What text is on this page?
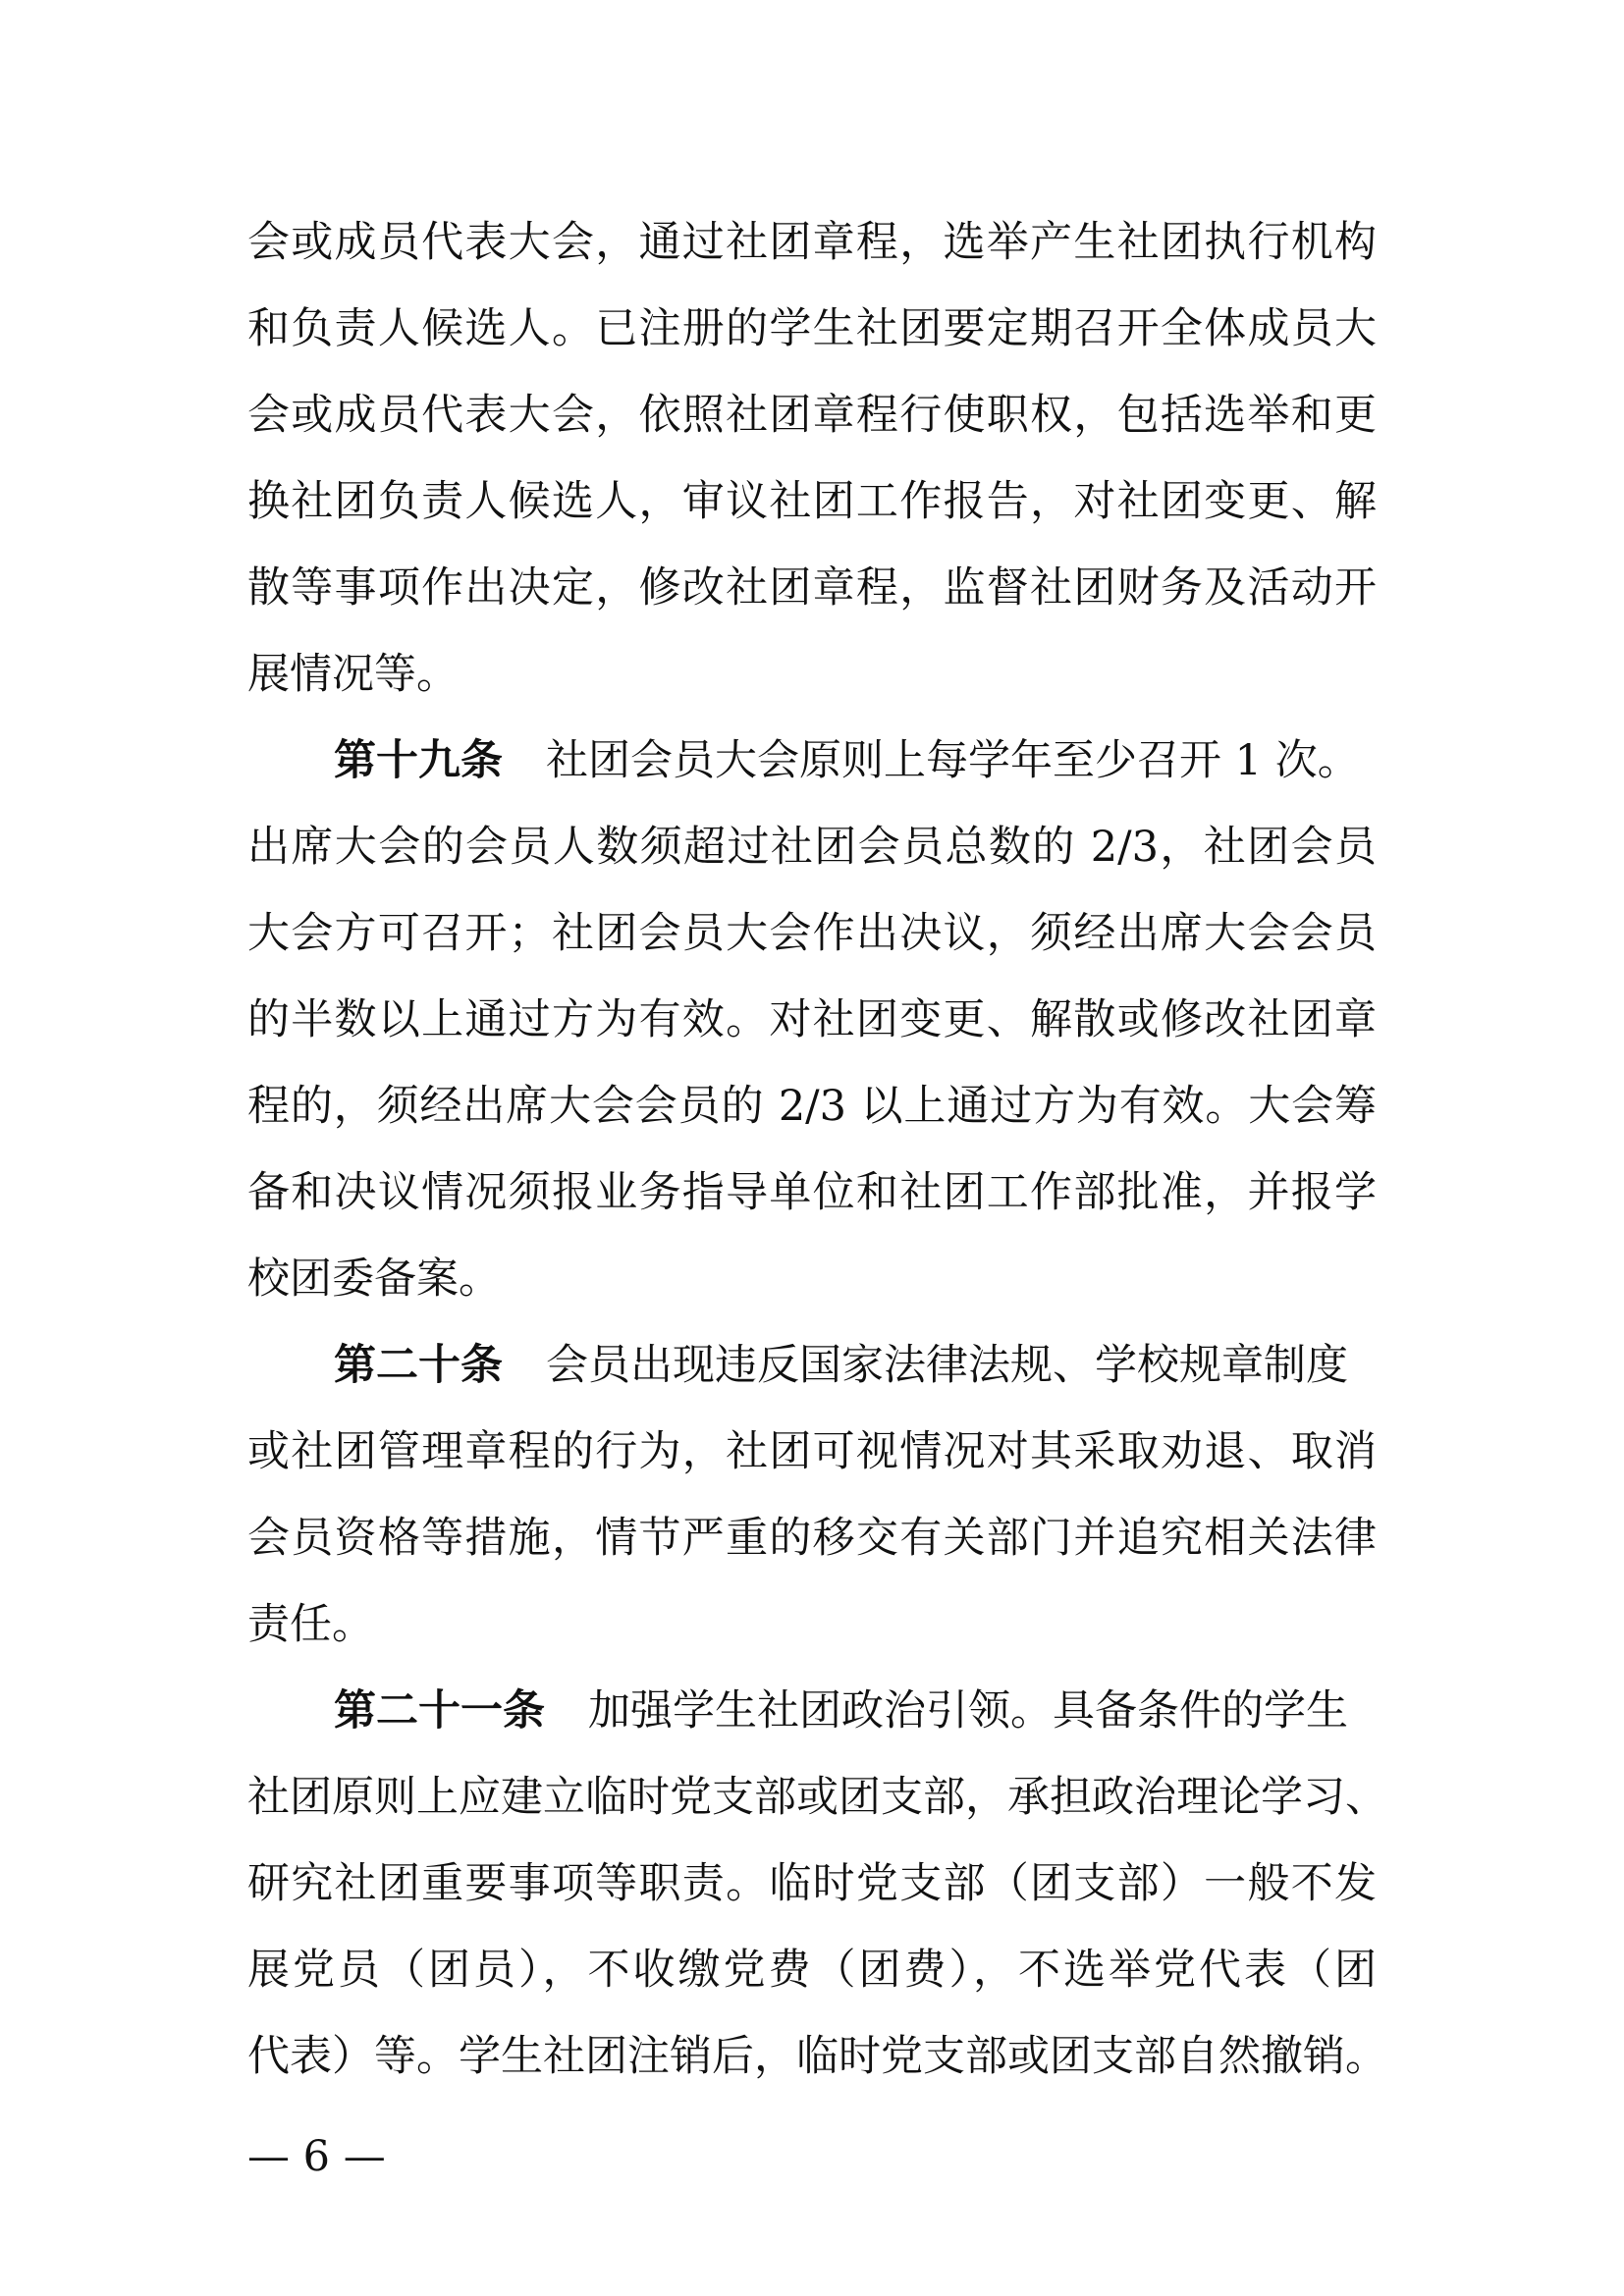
会或成员代表大会，通过社团章程，选举产生社团执行机构
和负责人候选人。已注册的学生社团要定期召开全体成员大
会或成员代表大会，依照社团章程行使职权，包括选举和更
换社团负责人候选人，审议社团工作报告，对社团变更、解
散等事项作出决定，修改社团章程，监督社团财务及活动开
展情况等。
第十九条 社团会员大会原则上每学年至少召开 1 次。
出席大会的会员人数须超过社团会员总数的 2/3，社团会员
大会方可召开；社团会员大会作出决议，须经出席大会会员
的半数以上通过方为有效。对社团变更、解散或修改社团章
程的，须经出席大会会员的 2/3 以上通过方为有效。大会筹
备和决议情况须报业务指导单位和社团工作部批准，并报学
校团委备案。
第二十条 会员出现违反国家法律法规、学校规章制度
或社团管理章程的行为，社团可视情况对其采取劝退、取消
会员资格等措施，情节严重的移交有关部门并追究相关法律
责任。
第二十一条 加强学生社团政治引领。具备条件的学生
社团原则上应建立临时党支部或团支部，承担政治理论学习、
研究社团重要事项等职责。临时党支部（团支部）一般不发
展党员（团员），不收缴党费（团费），不选举党代表（团
代表）等。学生社团注销后，临时党支部或团支部自然撤销。
— 6 —
